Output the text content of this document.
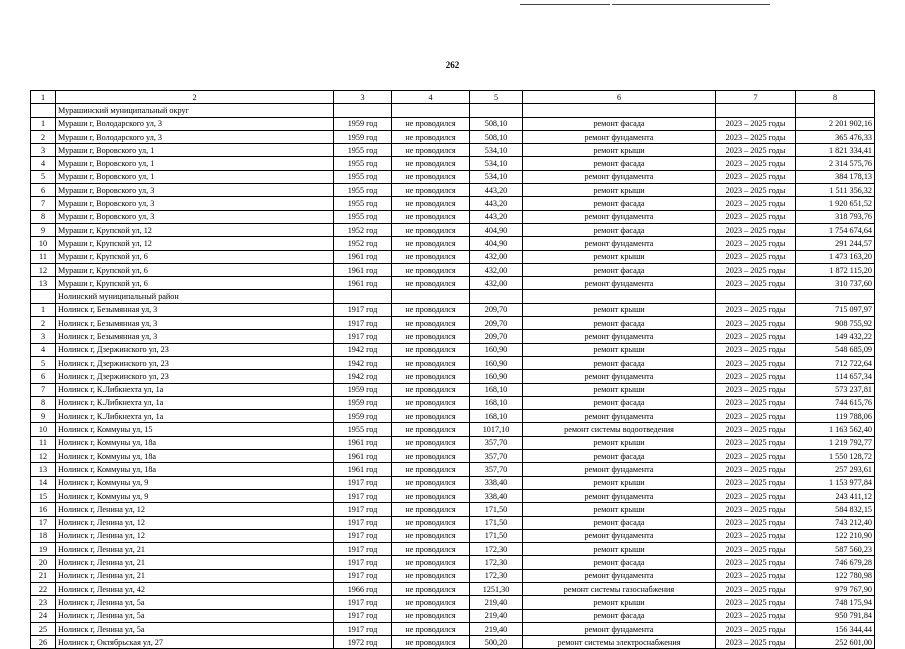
262
1	2	3	4	5	6	7	8
	Мурашинский муниципальный округ						
1	Мураши г, Володарского ул, 3	1959 год	не проводился	508,10	ремонт фасада	2023 – 2025 годы	2 201 902,16
2	Мураши г, Володарского ул, 3	1959 год	не проводился	508,10	ремонт фундамента	2023 – 2025 годы	365 476,33
3	Мураши г, Воровского ул, 1	1955 год	не проводился	534,10	ремонт крыши	2023 – 2025 годы	1 821 334,41
4	Мураши г, Воровского ул, 1	1955 год	не проводился	534,10	ремонт фасада	2023 – 2025 годы	2 314 575,76
5	Мураши г, Воровского ул, 1	1955 год	не проводился	534,10	ремонт фундамента	2023 – 2025 годы	384 178,13
6	Мураши г, Воровского ул, 3	1955 год	не проводился	443,20	ремонт крыши	2023 – 2025 годы	1 511 356,32
7	Мураши г, Воровского ул, 3	1955 год	не проводился	443,20	ремонт фасада	2023 – 2025 годы	1 920 651,52
8	Мураши г, Воровского ул, 3	1955 год	не проводился	443,20	ремонт фундамента	2023 – 2025 годы	318 793,76
9	Мураши г, Крупской ул, 12	1952 год	не проводился	404,90	ремонт фасада	2023 – 2025 годы	1 754 674,64
10	Мураши г, Крупской ул, 12	1952 год	не проводился	404,90	ремонт фундамента	2023 – 2025 годы	291 244,57
11	Мураши г, Крупской ул, 6	1961 год	не проводился	432,00	ремонт крыши	2023 – 2025 годы	1 473 163,20
12	Мураши г, Крупской ул, 6	1961 год	не проводился	432,00	ремонт фасада	2023 – 2025 годы	1 872 115,20
13	Мураши г, Крупской ул, 6	1961 год	не проводился	432,00	ремонт фундамента	2023 – 2025 годы	310 737,60
	Нолинский муниципальный район						
1	Нолинск г, Безымянная ул, 3	1917 год	не проводился	209,70	ремонт крыши	2023 – 2025 годы	715 097,97
2	Нолинск г, Безымянная ул, 3	1917 год	не проводился	209,70	ремонт фасада	2023 – 2025 годы	908 755,92
3	Нолинск г, Безымянная ул, 3	1917 год	не проводился	209,70	ремонт фундамента	2023 – 2025 годы	149 432,22
4	Нолинск г, Дзержинского ул, 23	1942 год	не проводился	160,90	ремонт крыши	2023 – 2025 годы	548 685,09
5	Нолинск г, Дзержинского ул, 23	1942 год	не проводился	160,90	ремонт фасада	2023 – 2025 годы	712 722,64
6	Нолинск г, Дзержинского ул, 23	1942 год	не проводился	160,90	ремонт фундамента	2023 – 2025 годы	114 657,34
7	Нолинск г, К.Либкнехта ул, 1а	1959 год	не проводился	168,10	ремонт крыши	2023 – 2025 годы	573 237,81
8	Нолинск г, К.Либкнехта ул, 1а	1959 год	не проводился	168,10	ремонт фасада	2023 – 2025 годы	744 615,76
9	Нолинск г, К.Либкнехта ул, 1а	1959 год	не проводился	168,10	ремонт фундамента	2023 – 2025 годы	119 788,06
10	Нолинск г, Коммуны ул, 15	1955 год	не проводился	1017,10	ремонт системы водоотведения	2023 – 2025 годы	1 163 562,40
11	Нолинск г, Коммуны ул, 18а	1961 год	не проводился	357,70	ремонт крыши	2023 – 2025 годы	1 219 792,77
12	Нолинск г, Коммуны ул, 18а	1961 год	не проводился	357,70	ремонт фасада	2023 – 2025 годы	1 550 128,72
13	Нолинск г, Коммуны ул, 18а	1961 год	не проводился	357,70	ремонт фундамента	2023 – 2025 годы	257 293,61
14	Нолинск г, Коммуны ул, 9	1917 год	не проводился	338,40	ремонт крыши	2023 – 2025 годы	1 153 977,84
15	Нолинск г, Коммуны ул, 9	1917 год	не проводился	338,40	ремонт фундамента	2023 – 2025 годы	243 411,12
16	Нолинск г, Ленина ул, 12	1917 год	не проводился	171,50	ремонт крыши	2023 – 2025 годы	584 832,15
17	Нолинск г, Ленина ул, 12	1917 год	не проводился	171,50	ремонт фасада	2023 – 2025 годы	743 212,40
18	Нолинск г, Ленина ул, 12	1917 год	не проводился	171,50	ремонт фундамента	2023 – 2025 годы	122 210,90
19	Нолинск г, Ленина ул, 21	1917 год	не проводился	172,30	ремонт крыши	2023 – 2025 годы	587 560,23
20	Нолинск г, Ленина ул, 21	1917 год	не проводился	172,30	ремонт фасада	2023 – 2025 годы	746 679,28
21	Нолинск г, Ленина ул, 21	1917 год	не проводился	172,30	ремонт фундамента	2023 – 2025 годы	122 780,98
22	Нолинск г, Ленина ул, 42	1966 год	не проводился	1251,30	ремонт системы газоснабжения	2023 – 2025 годы	979 767,90
23	Нолинск г, Ленина ул, 5а	1917 год	не проводился	219,40	ремонт крыши	2023 – 2025 годы	748 175,94
24	Нолинск г, Ленина ул, 5а	1917 год	не проводился	219,40	ремонт фасада	2023 – 2025 годы	950 791,84
25	Нолинск г, Ленина ул, 5а	1917 год	не проводился	219,40	ремонт фундамента	2023 – 2025 годы	156 344,44
26	Нолинск г, Октябрьская ул, 27	1972 год	не проводился	500,20	ремонт системы электроснабжения	2023 – 2025 годы	252 601,00
